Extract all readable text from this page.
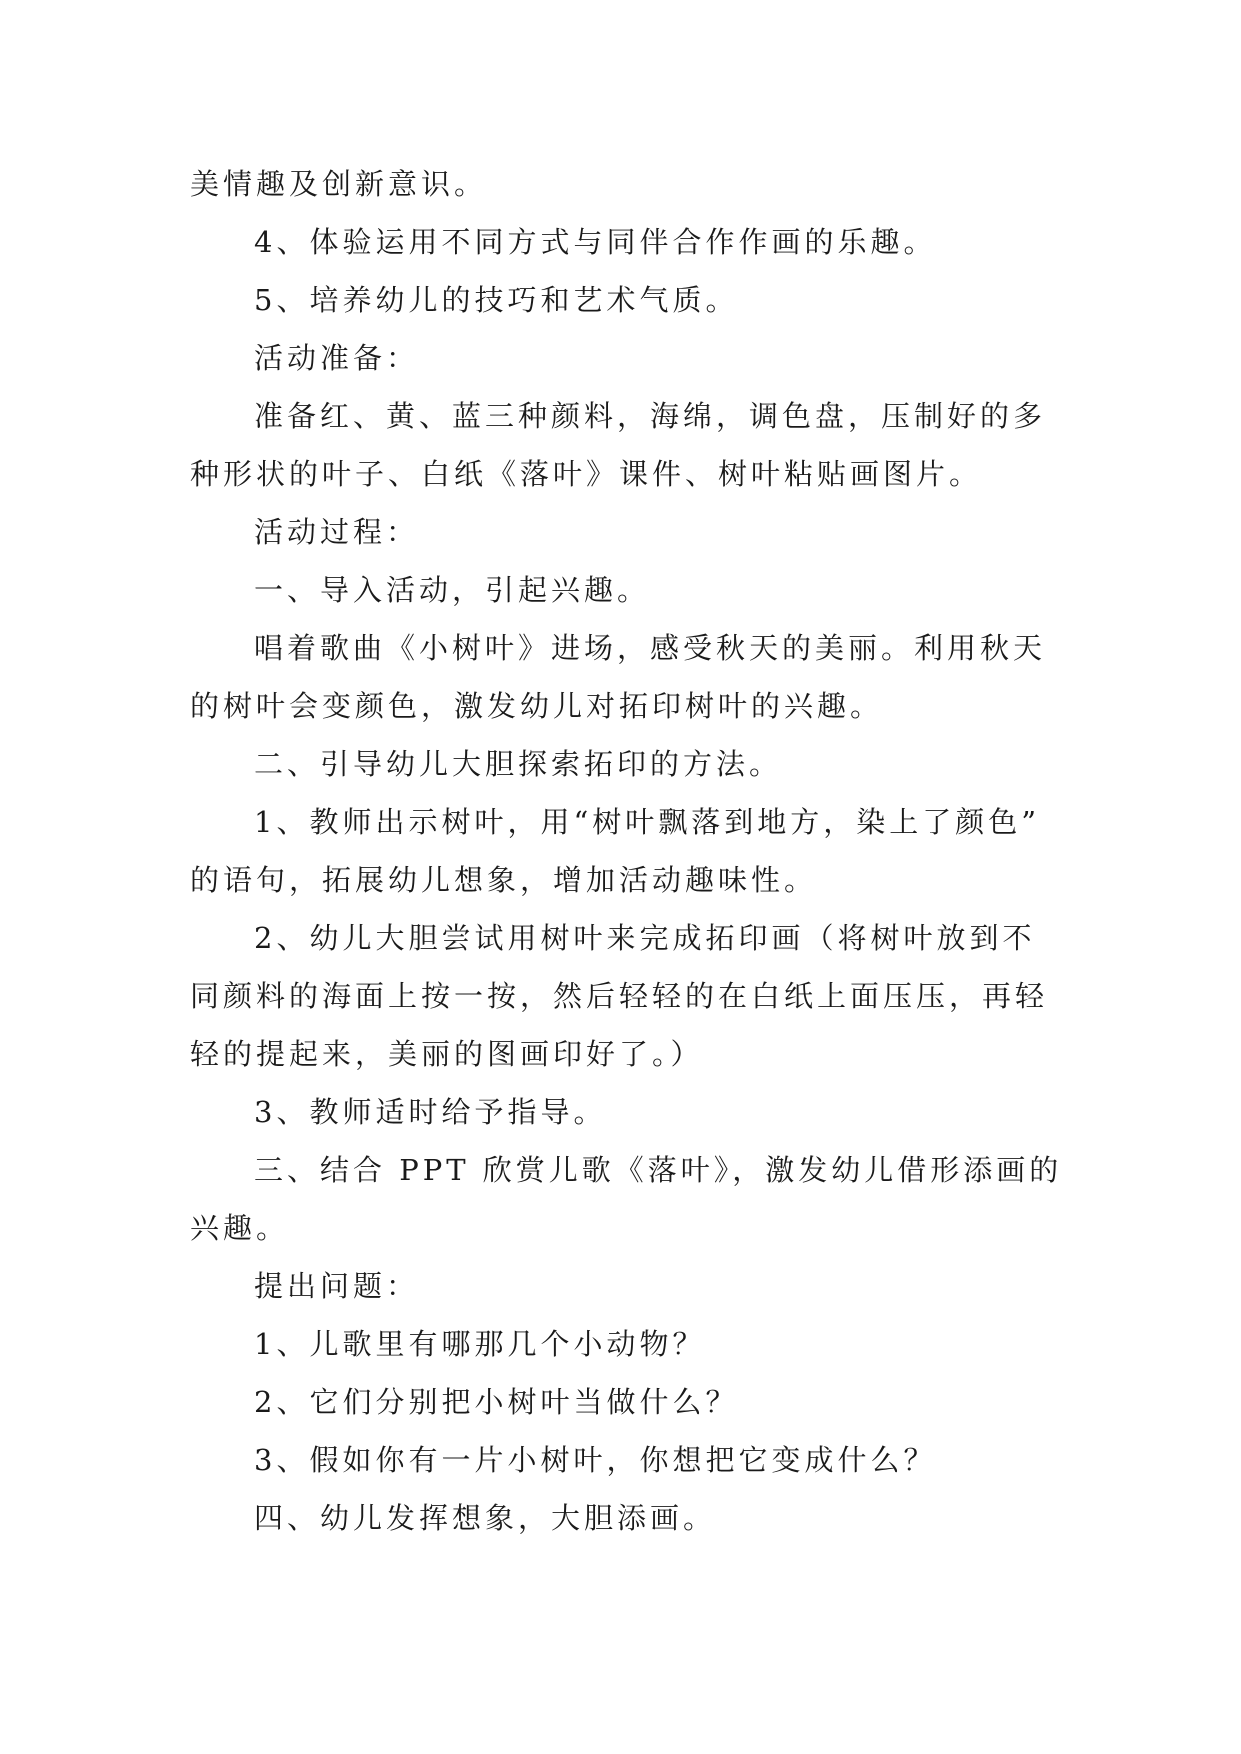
美情趣及创新意识。
4、体验运用不同方式与同伴合作作画的乐趣。
5、培养幼儿的技巧和艺术气质。
活动准备：
准备红、黄、蓝三种颜料，海绵，调色盘，压制好的多
种形状的叶子、白纸《落叶》课件、树叶粘贴画图片。
活动过程：
一、导入活动，引起兴趣。
唱着歌曲《小树叶》进场，感受秋天的美丽。利用秋天
的树叶会变颜色，激发幼儿对拓印树叶的兴趣。
二、引导幼儿大胆探索拓印的方法。
1、教师出示树叶，用“树叶飘落到地方，染上了颜色”
的语句，拓展幼儿想象，增加活动趣味性。
2、幼儿大胆尝试用树叶来完成拓印画（将树叶放到不
同颜料的海面上按一按，然后轻轻的在白纸上面压压，再轻
轻的提起来，美丽的图画印好了。）
3、教师适时给予指导。
三、结合 PPT 欣赏儿歌《落叶》，激发幼儿借形添画的
兴趣。
提出问题：
1、儿歌里有哪那几个小动物？
2、它们分别把小树叶当做什么？
3、假如你有一片小树叶，你想把它变成什么？
四、幼儿发挥想象，大胆添画。
